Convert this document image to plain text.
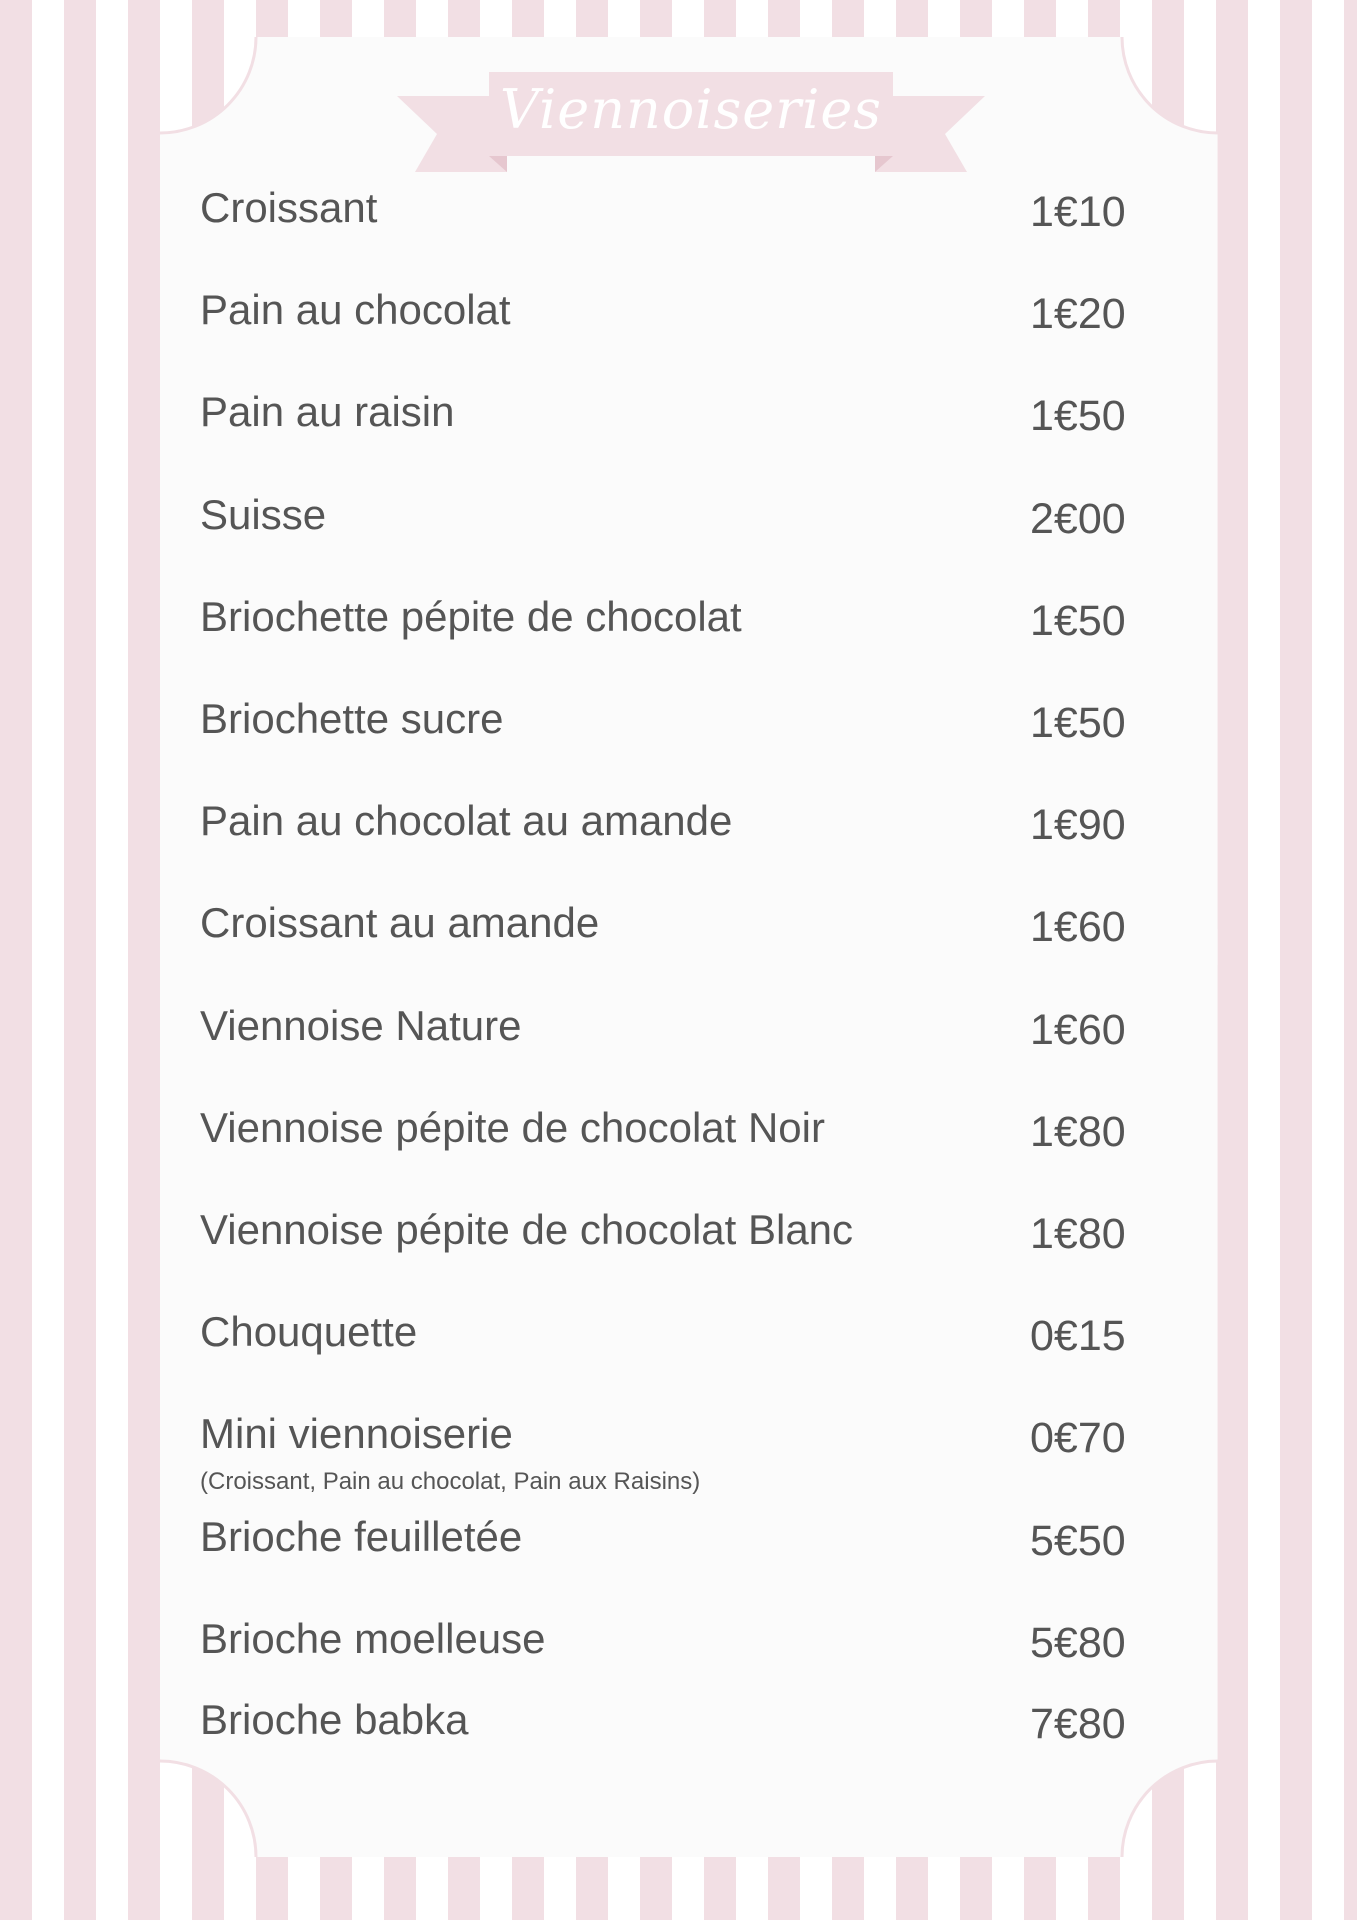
Viennoiseries
Croissant	1€10
Pain au chocolat	1€20
Pain au raisin	1€50
Suisse	2€00
Briochette pépite de chocolat	1€50
Briochette sucre	1€50
Pain au chocolat au amande	1€90
Croissant au amande	1€60
Viennoise Nature	1€60
Viennoise pépite de chocolat Noir	1€80
Viennoise pépite de chocolat Blanc	1€80
Chouquette	0€15
Mini viennoiserie	0€70
(Croissant, Pain au chocolat, Pain aux Raisins)
Brioche feuilletée	5€50
Brioche moelleuse	5€80
Brioche babka	7€80
